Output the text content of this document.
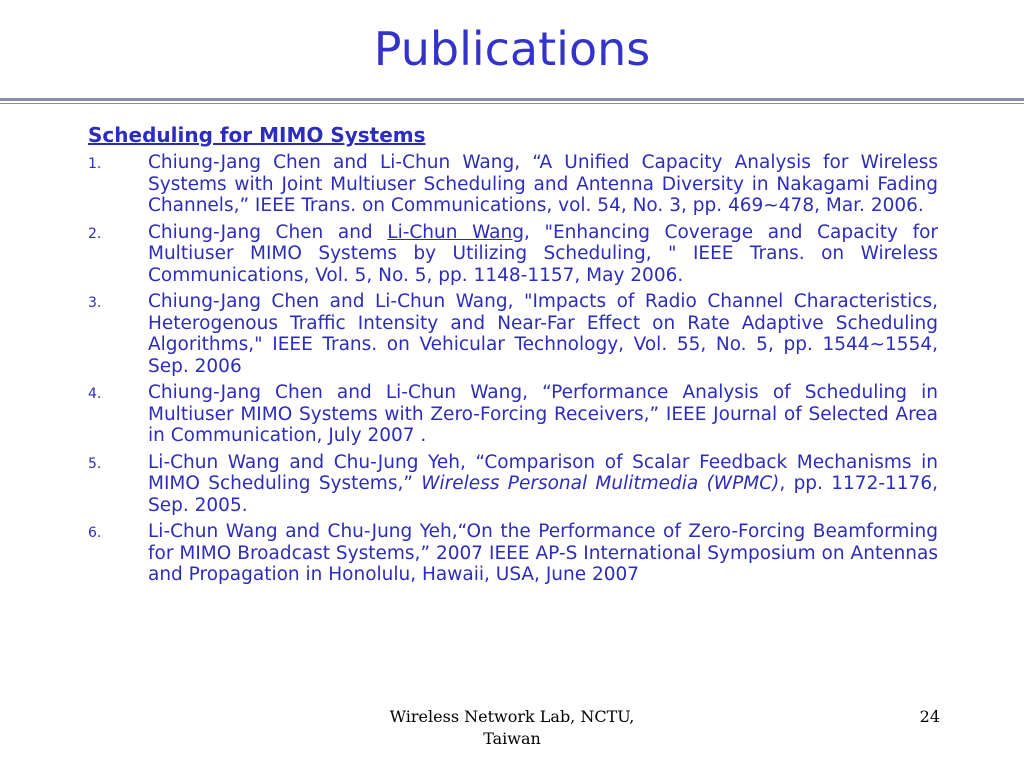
Publications
Scheduling for MIMO Systems
1.	Chiung-Jang Chen and Li-Chun Wang, “A Unified Capacity Analysis for Wireless Systems with Joint Multiuser Scheduling and Antenna Diversity in Nakagami Fading Channels,” IEEE Trans. on Communications, vol. 54, No. 3, pp. 469~478, Mar. 2006.
2.	Chiung-Jang Chen and Li-Chun Wang, "Enhancing Coverage and Capacity for Multiuser MIMO Systems by Utilizing Scheduling, " IEEE Trans. on Wireless Communications, Vol. 5, No. 5, pp. 1148-1157, May 2006.
3.	Chiung-Jang Chen and Li-Chun Wang, "Impacts of Radio Channel Characteristics, Heterogenous Traffic Intensity and Near-Far Effect on Rate Adaptive Scheduling Algorithms," IEEE Trans. on Vehicular Technology, Vol. 55, No. 5, pp. 1544~1554, Sep. 2006
4.	Chiung-Jang Chen and Li-Chun Wang, “Performance Analysis of Scheduling in Multiuser MIMO Systems with Zero-Forcing Receivers,” IEEE Journal of Selected Area in Communication, July 2007 .
5.	Li-Chun Wang and Chu-Jung Yeh, “Comparison of Scalar Feedback Mechanisms in MIMO Scheduling Systems,” Wireless Personal Mulitmedia (WPMC), pp. 1172-1176, Sep. 2005.
6.	Li-Chun Wang and Chu-Jung Yeh,“On the Performance of Zero-Forcing Beamforming for MIMO Broadcast Systems,” 2007 IEEE AP-S International Symposium on Antennas and Propagation in Honolulu, Hawaii, USA, June 2007
Wireless Network Lab, NCTU,
Taiwan
24
